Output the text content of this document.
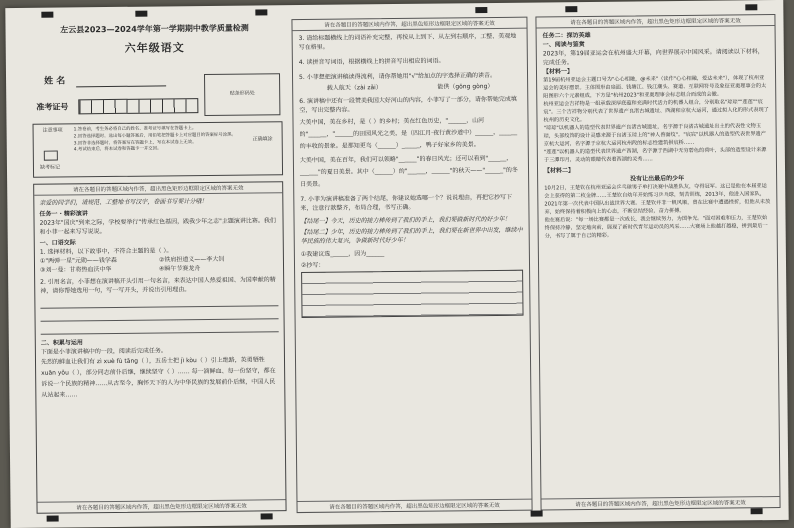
左云县2023—2024学年第一学期期中教学质量检测
六年级语文
姓 名
准考证号
贴条形码处
注意事项
缺考标记
1.答卷前，考生务必将自己的姓名、准考证号填写在答题卡上。
2.回答选择题时，选出每小题答案后，用铅笔把答题卡上对应题目的答案标号涂黑。
3.回答非选择题时，将答案写在答题卡上，写在本试卷上无效。
4.考试结束后，将本试卷和答题卡一并交回。
正确填涂
请在各题目的答题区域内作答，超出黑色矩形边框限定区域的答案无效
亲爱的同学们，请规范、工整地书写汉字，卷面书写要计分哦！
任务一 · 精彩演讲
2023年"国庆"到来之际，学校要举行"传承红色基因，践我少年之志"主题演讲比赛。我们和小菲一起来写写说说。
一、口语交际
1. 选择材料，以下故事中，不符合主题的是（ ）。
①"两弹一星"元勋——钱学森	②铁肩担道义——李大钊
③刘一曼：甘将热血沃中华	④瞬午节赛龙舟
2. 引用名言，小菲想在演讲稿开头引用一句名言，来表达中国人热爱祖国、为国奉献的精神，请你帮她选用一句，写一写开头，并说出引用理由。
二、积累与运用
下面是小菲演讲稿中的一段，阅读后完成任务。
先烈的鲜血让我们有 zì xuè fù tāng（ ），五岳士把 jì kòu（ ）引上绝路，英勇牺牲 xuān yǒu（ ），部分同志前仆后继，继续坚守（ ）…… 每一滴鲜血、每一份坚守，都在诉说一个民族的精神……从古至今，胸怀天下的人为中华民族的发展前仆后继，中国人民从站起来……
请在各题目的答题区域内作答，超出黑色矩形边框限定区域的答案无效
请在各题目的答题区域内作答，超出黑色矩形边框限定区域的答案无效
3. 请给标题横线上的词语补充完整，再按从上到下、从左到右顺序，工整、美观地写在格里。
4. 读拼音写词语，根据横线上的拼音写出相应的词语。
5. 小菲想把演讲稿读得流利，请你帮她用"√"给加点的字选择正确的读音。
载人航天（zài zǎi）	能供（gōng gòng）
6. 演讲稿中还有一段赞美我国大好河山的内容，小菲写了一部分，请你帮她完成填空，写出完整内容。
大美中国，美在乡村，是（ ）的乡村；美在红色历史，"______，山河的"______，"______的田园风光之美，是（四江月·夜行黄沙道中）______，______的丰收的景象。是那知更鸟（______）______，鸭子好家乡的美景。
大美中国，美在百年，我们可以领略"______"的春日风光；还可以看到"______，______"的夏日美景。其中（______）的"______，______"的秋天——"______"的冬日美景。
7. 小菲为演讲稿准备了两个结尾，你建议她选哪一个？说说理由，再把它抄写下来，注意行款整齐，布局合理，书写正确。
【结尾一】今天，历史的接力棒传到了我们的手上，我们要做新时代的好少年！
【结尾二】少年，历史的接力棒传到了我们的手上，我们要在新世界中出发，继续中华民族的伟大复兴，争做新时代好少年！
①我建议选______，因为______
②抄写：
请在各题目的答题区域内作答，超出黑色矩形边框限定区域的答案无效
请在各题目的答题区域内作答，超出黑色矩形边框限定区域的答案无效
任务二：探访英雄
一、阅读与鉴赏
2023年，第19届亚运会在杭州盛大开幕，向世界展示中国风采。请阅读以下材料，完成任务。
【材料一】
第19届杭州亚运会主题口号为"心心相融，@未来"（读作"心心相融，爱达未来"），体现了杭州亚运会的美好愿景。主体图形由扇面、钱塘江、钱江潮头、赛道、互联网符号及象征亚奥理事会的太阳图形六个元素组成，下方是"杭州2023"和亚奥理事会标志组合而成的会徽。
杭州亚运会吉祥物是一组承载深厚底蕴和充满时代活力的机器人组合，分别取名"琮琮""莲莲""宸宸"。三个吉祥物分别代表了世界遗产良渚古城遗址、西湖和京杭大运河，通过拟人化的形式表现了杭州的历史文化。
"琮琮"以机器人的造型代表世界遗产良渚古城遗址，名字源于良渚古城遗址出土的代表性文物玉琮，头部纹饰的设计灵感来源于良渚玉琮上的"神人兽面纹"。"宸宸"以机器人的造型代表世界遗产京杭大运河，名字源于京杭大运河杭州段的标志性建筑拱宸桥……
"莲莲"以机器人的造型代表世界遗产西湖，名字源于西湖中无穷碧色的荷叶，头部的造型设计来源于三潭印月，灵动的眼睛代表着西湖的灵秀……
【材料二】
没有让出最后的少年
10月2日，王楚钦在杭州亚运会乒乓球男子单打决赛中战胜队友，夺得冠军。这已是他在本届亚运会上获得的第二枚金牌……王楚钦自幼年开始练习乒乓球，刻苦训练，2013年，他进入国家队，2021年第一次代表中国队出战世界大赛。王楚钦并非一帆风顺，曾在比赛中遭遇挫折，但他从未放弃，始终保持着积极向上的心态，不断总结经验，奋力拼搏。
他在赛后说："每一场比赛都是一次成长，我会继续努力，为国争光。"面对困难和压力，王楚钦始终保持冷静，坚定地向前，展现了新时代青年运动员的风采……大赛场上他越打越稳，拼到最后一分，书写了属于自己的精彩。
请在各题目的答题区域内作答，超出黑色矩形边框限定区域的答案无效
